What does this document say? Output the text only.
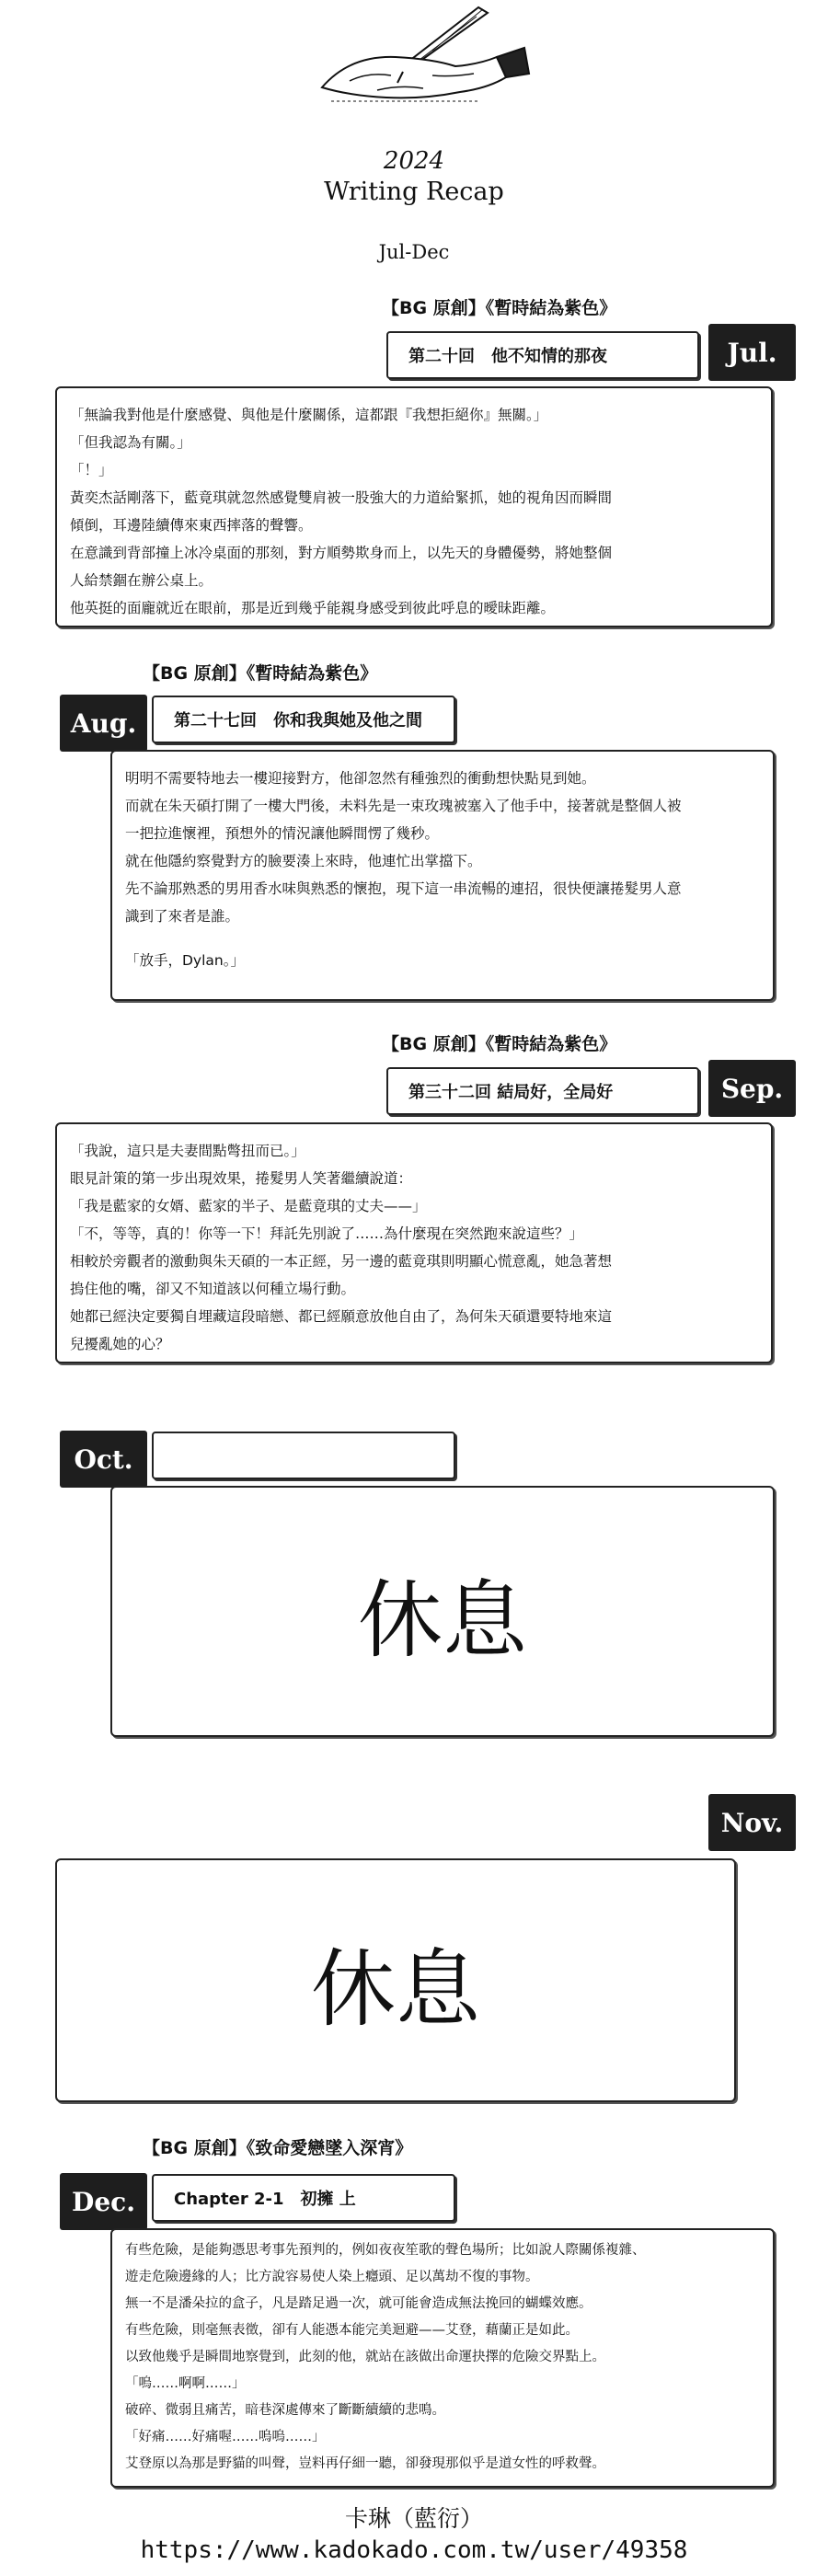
2024
Writing Recap
Jul-Dec
【BG 原創】《暫時結為紫色》
第二十回　他不知情的那夜	Jul.

「無論我對他是什麼感覺、與他是什麼關係，這都跟『我想拒絕你』無關。」

「但我認為有關。」

「！」

黃奕杰話剛落下，藍竟琪就忽然感覺雙肩被一股強大的力道給緊抓，她的視角因而瞬間

傾倒，耳邊陸續傳來東西摔落的聲響。

在意識到背部撞上冰冷桌面的那刻，對方順勢欺身而上，以先天的身體優勢，將她整個

人給禁錮在辦公桌上。

他英挺的面龐就近在眼前，那是近到幾乎能親身感受到彼此呼息的曖昧距離。

【BG 原創】《暫時結為紫色》
Aug.	第二十七回　你和我與她及他之間

明明不需要特地去一樓迎接對方，他卻忽然有種強烈的衝動想快點見到她。

而就在朱天碩打開了一樓大門後，未料先是一束玫瑰被塞入了他手中，接著就是整個人被

一把拉進懷裡，預想外的情況讓他瞬間愣了幾秒。

就在他隱約察覺對方的臉要湊上來時，他連忙出掌擋下。

先不論那熟悉的男用香水味與熟悉的懷抱，現下這一串流暢的連招，很快便讓捲髮男人意

識到了來者是誰。

「放手，Dylan。」

【BG 原創】《暫時結為紫色》
第三十二回 結局好，全局好	Sep.

「我說，這只是夫妻間點彆扭而已。」

眼見計策的第一步出現效果，捲髮男人笑著繼續說道：

「我是藍家的女婿、藍家的半子、是藍竟琪的丈夫——」

「不，等等，真的！你等一下！拜託先別說了……為什麼現在突然跑來說這些？」

相較於旁觀者的激動與朱天碩的一本正經，另一邊的藍竟琪則明顯心慌意亂，她急著想

摀住他的嘴，卻又不知道該以何種立場行動。

她都已經決定要獨自埋藏這段暗戀、都已經願意放他自由了，為何朱天碩還要特地來這

兒擾亂她的心？

Oct.
休息
Nov.
休息
【BG 原創】《致命愛戀墜入深宵》
Dec.	Chapter 2-1　初擁 上

有些危險，是能夠憑思考事先預判的，例如夜夜笙歌的聲色場所；比如說人際關係複雜、

遊走危險邊緣的人；比方說容易使人染上癮頭、足以萬劫不復的事物。

無一不是潘朵拉的盒子，凡是踏足過一次，就可能會造成無法挽回的蝴蝶效應。

有些危險，則毫無表徵，卻有人能憑本能完美迴避——艾登，藉蘭正是如此。

以致他幾乎是瞬間地察覺到，此刻的他，就站在該做出命運抉擇的危險交界點上。

「嗚……啊啊……」

破碎、微弱且痛苦，暗巷深處傳來了斷斷續續的悲鳴。

「好痛……好痛喔……嗚嗚……」

艾登原以為那是野貓的叫聲，豈料再仔細一聽，卻發現那似乎是道女性的呼救聲。

卡琳（藍衍）
https://www.kadokado.com.tw/user/49358
